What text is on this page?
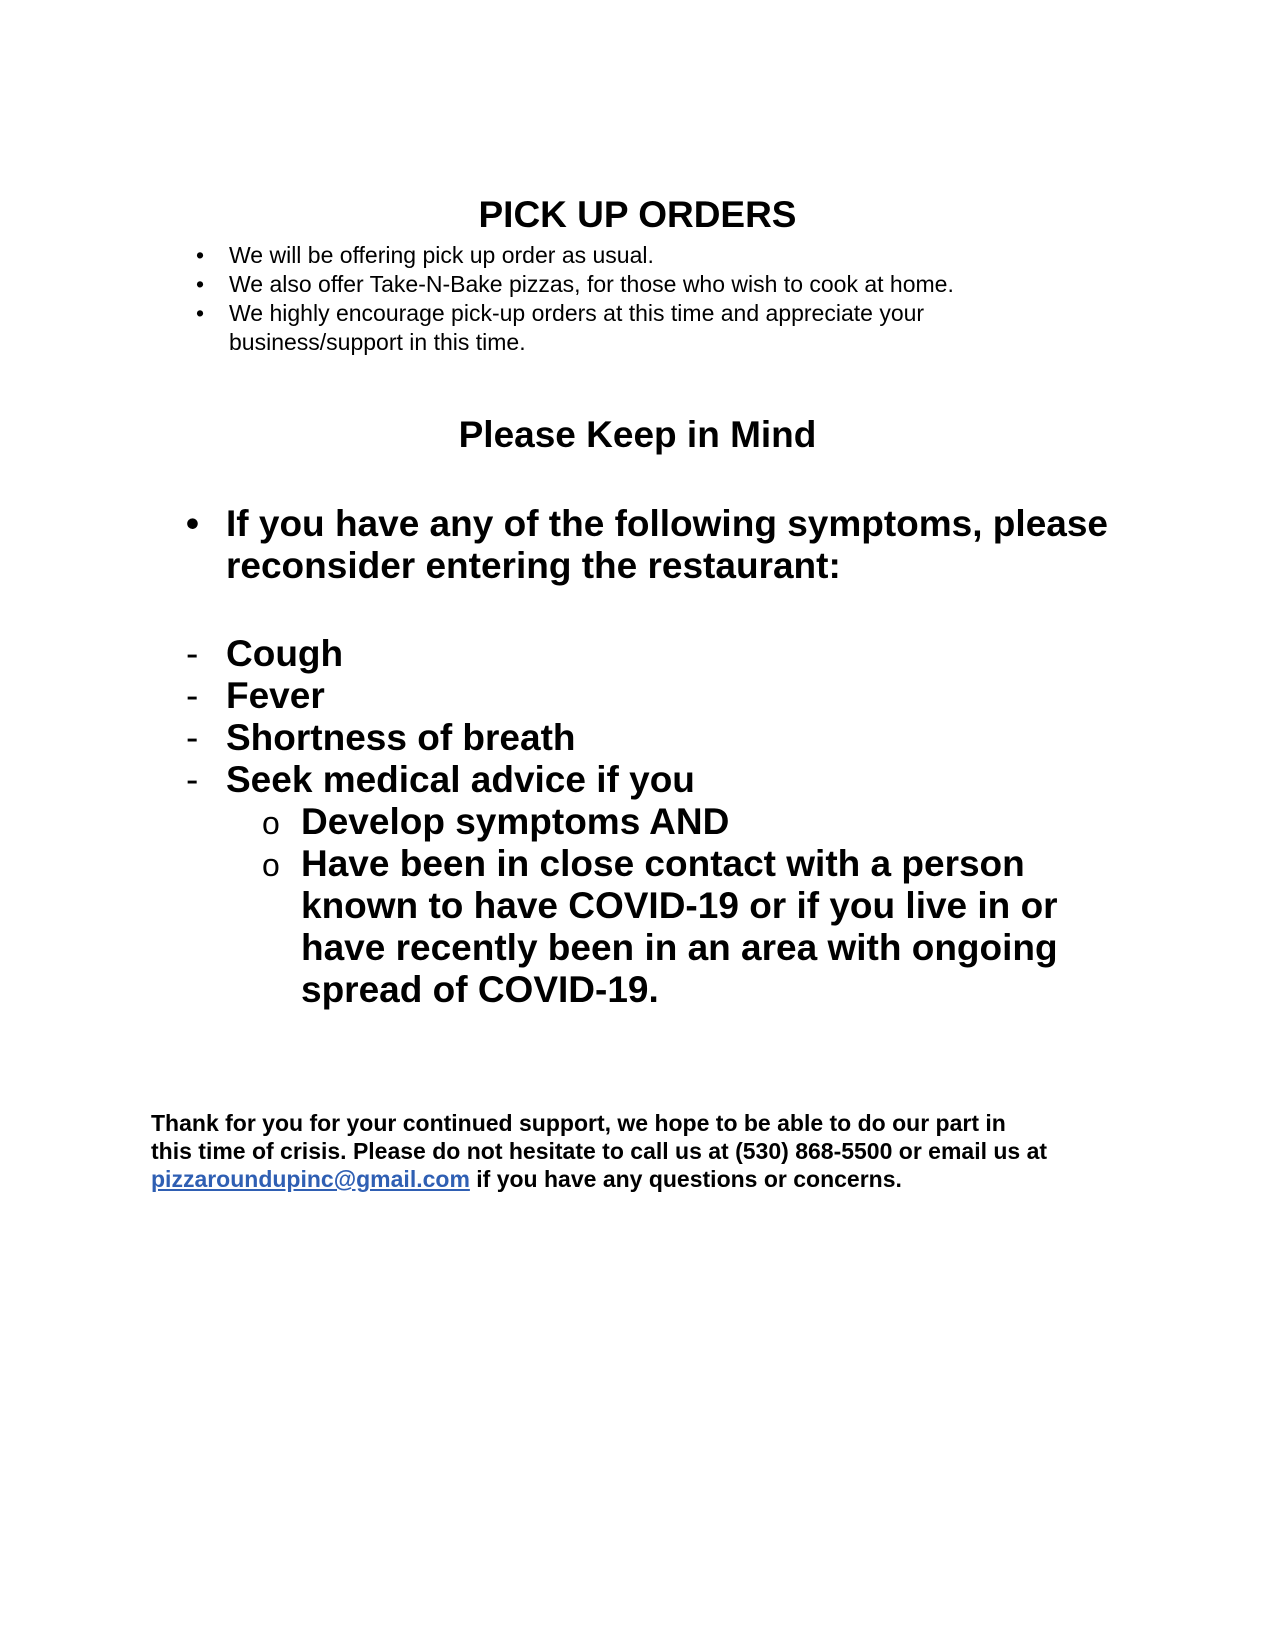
PICK UP ORDERS
• We will be offering pick up order as usual.
• We also offer Take-N-Bake pizzas, for those who wish to cook at home.
• We highly encourage pick-up orders at this time and appreciate your
business/support in this time.
Please Keep in Mind
• If you have any of the following symptoms, please
reconsider entering the restaurant:
- Cough
- Fever
- Shortness of breath
- Seek medical advice if you
o Develop symptoms AND
o Have been in close contact with a person
known to have COVID-19 or if you live in or
have recently been in an area with ongoing
spread of COVID-19.
Thank for you for your continued support, we hope to be able to do our part in
this time of crisis. Please do not hesitate to call us at (530) 868-5500 or email us at
pizzaroundupinc@gmail.com if you have any questions or concerns.
